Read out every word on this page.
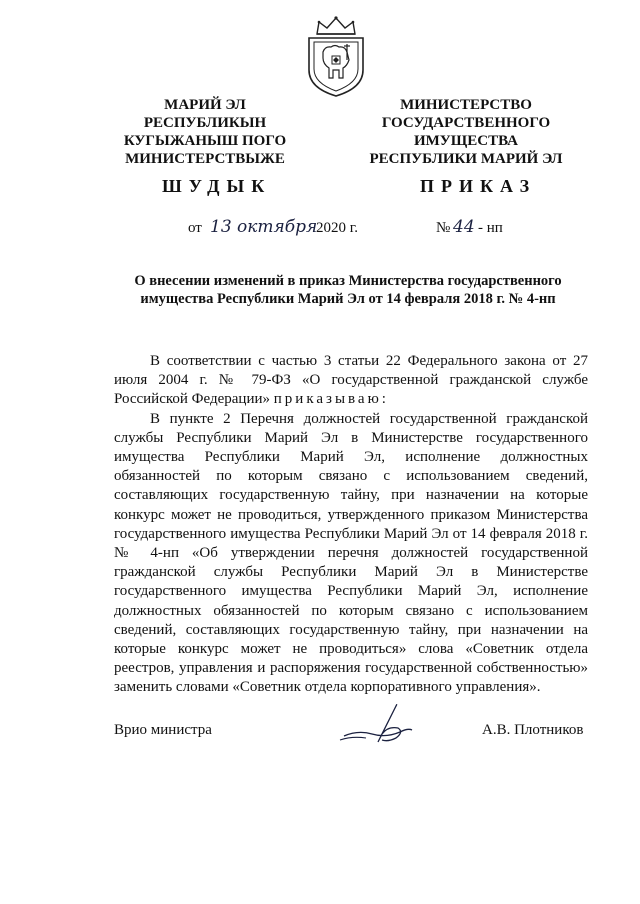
МАРИЙ ЭЛ
РЕСПУБЛИКЫН
КУГЫЖАНЫШ ПОГО
МИНИСТЕРСТВЫЖЕ
МИНИСТЕРСТВО
ГОСУДАРСТВЕННОГО
ИМУЩЕСТВА
РЕСПУБЛИКИ МАРИЙ ЭЛ
ШУДЫК	ПРИКАЗ
от 13 октября
2020 г.	№ 44 - нп
О внесении изменений в приказ Министерства государственного имущества Республики Марий Эл от 14 февраля 2018 г. № 4-нп

В соответствии с частью 3 статьи 22 Федерального закона от 27 июля 2004 г. № 79-ФЗ «О государственной гражданской службе Российской Федерации» приказываю:

В пункте 2 Перечня должностей государственной гражданской службы Республики Марий Эл в Министерстве государственного имущества Республики Марий Эл, исполнение должностных обязанностей по которым связано с использованием сведений, составляющих государственную тайну, при назначении на которые конкурс может не проводиться, утвержденного приказом Министерства государственного имущества Республики Марий Эл от 14 февраля 2018 г. № 4-нп «Об утверждении перечня должностей государственной гражданской службы Республики Марий Эл в Министерстве государственного имущества Республики Марий Эл, исполнение должностных обязанностей по которым связано с использованием сведений, составляющих государственную тайну, при назначении на которые конкурс может не проводиться» слова «Советник отдела реестров, управления и распоряжения государственной собственностью» заменить словами «Советник отдела корпоративного управления».

Врио министра	А.В. Плотников
